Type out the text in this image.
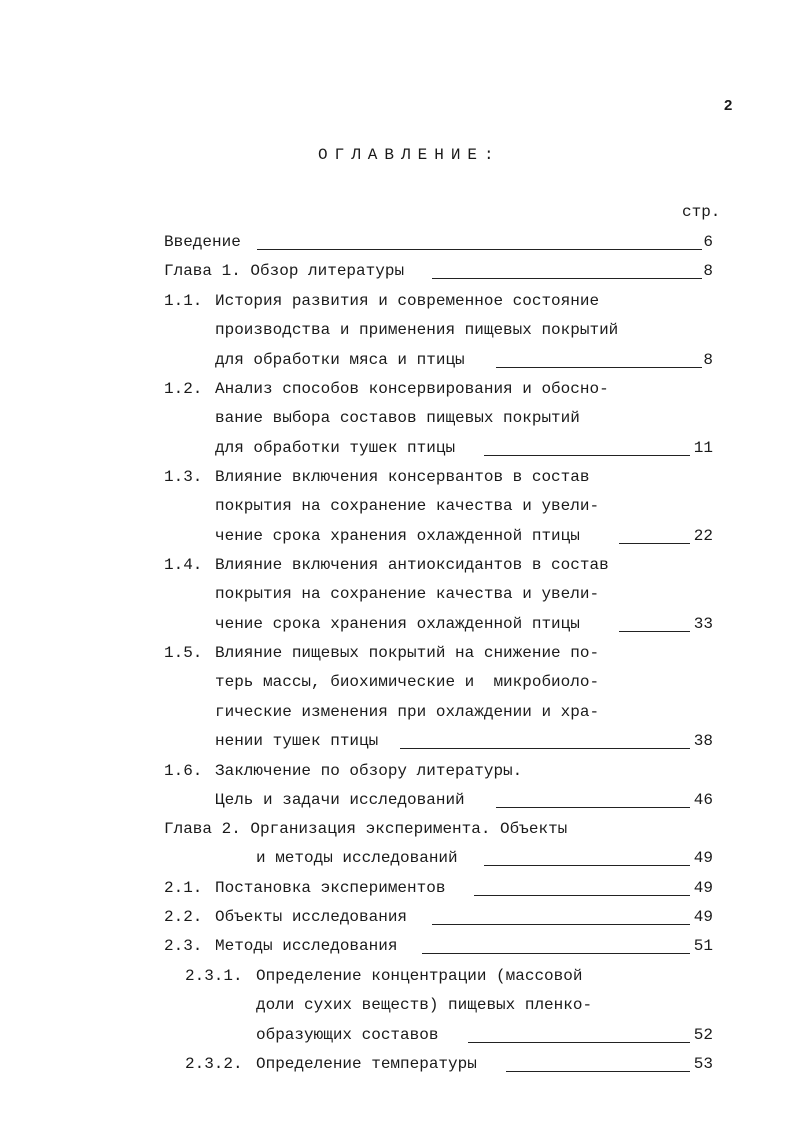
2
ОГЛАВЛЕНИЕ:
стр.
Введение	6
Глава 1. Обзор литературы	8
1.1. История развития и современное состояние
производства и применения пищевых покрытий
для обработки мяса и птицы	8
1.2. Анализ способов консервирования и обосно-
вание выбора составов пищевых покрытий
для обработки тушек птицы	11
1.3. Влияние включения консервантов в состав
покрытия на сохранение качества и увели-
чение срока хранения охлажденной птицы	22
1.4. Влияние включения антиоксидантов в состав
покрытия на сохранение качества и увели-
чение срока хранения охлажденной птицы	33
1.5. Влияние пищевых покрытий на снижение по-
терь массы, биохимические и  микробиоло-
гические изменения при охлаждении и хра-
нении тушек птицы	38
1.6. Заключение по обзору литературы.
Цель и задачи исследований	46
Глава 2. Организация эксперимента. Объекты
и методы исследований	49
2.1. Постановка экспериментов	49
2.2. Объекты исследования	49
2.3. Методы исследования	51
2.3.1. Определение концентрации (массовой
доли сухих веществ) пищевых пленко-
образующих составов	52
2.3.2. Определение температуры	53
